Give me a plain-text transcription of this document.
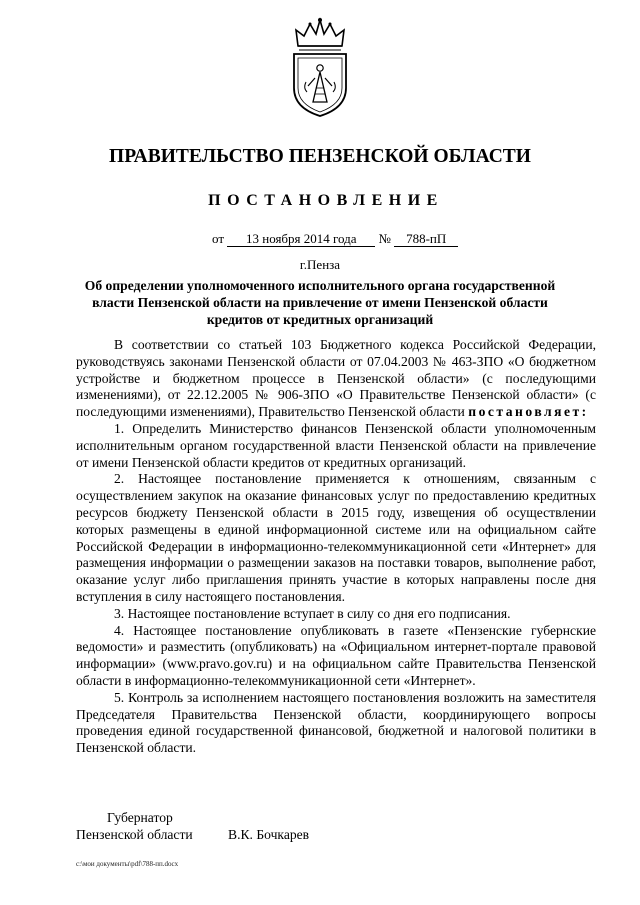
ПРАВИТЕЛЬСТВО ПЕНЗЕНСКОЙ ОБЛАСТИ
ПОСТАНОВЛЕНИЕ
от 13 ноября 2014 года № 788-пП
г.Пенза
Об определении уполномоченного исполнительного органа государственной власти Пензенской области на привлечение от имени Пензенской области кредитов от кредитных организаций

В соответствии со статьей 103 Бюджетного кодекса Российской Федерации, руководствуясь законами Пензенской области от 07.04.2003 № 463-ЗПО «О бюджетном устройстве и бюджетном процессе в Пензенской области» (с последующими изменениями), от 22.12.2005 № 906-ЗПО «О Правительстве Пензенской области» (с последующими изменениями), Правительство Пензенской области постановляет:

1. Определить Министерство финансов Пензенской области уполномоченным исполнительным органом государственной власти Пензенской области на привлечение от имени Пензенской области кредитов от кредитных организаций.

2. Настоящее постановление применяется к отношениям, связанным с осуществлением закупок на оказание финансовых услуг по предоставлению кредитных ресурсов бюджету Пензенской области в 2015 году, извещения об осуществлении которых размещены в единой информационной системе или на официальном сайте Российской Федерации в информационно-телекоммуникационной сети «Интернет» для размещения информации о размещении заказов на поставки товаров, выполнение работ, оказание услуг либо приглашения принять участие в которых направлены после дня вступления в силу настоящего постановления.

3. Настоящее постановление вступает в силу со дня его подписания.

4. Настоящее постановление опубликовать в газете «Пензенские губернские ведомости» и разместить (опубликовать) на «Официальном интернет-портале правовой информации» (www.pravo.gov.ru) и на официальном сайте Правительства Пензенской области в информационно-телекоммуникационной сети «Интернет».

5. Контроль за исполнением настоящего постановления возложить на заместителя Председателя Правительства Пензенской области, координирующего вопросы проведения единой государственной финансовой, бюджетной и налоговой политики в Пензенской области.

Губернатор
Пензенской области	В.К. Бочкарев
c:\мои документы\pdf\788-пп.docx
